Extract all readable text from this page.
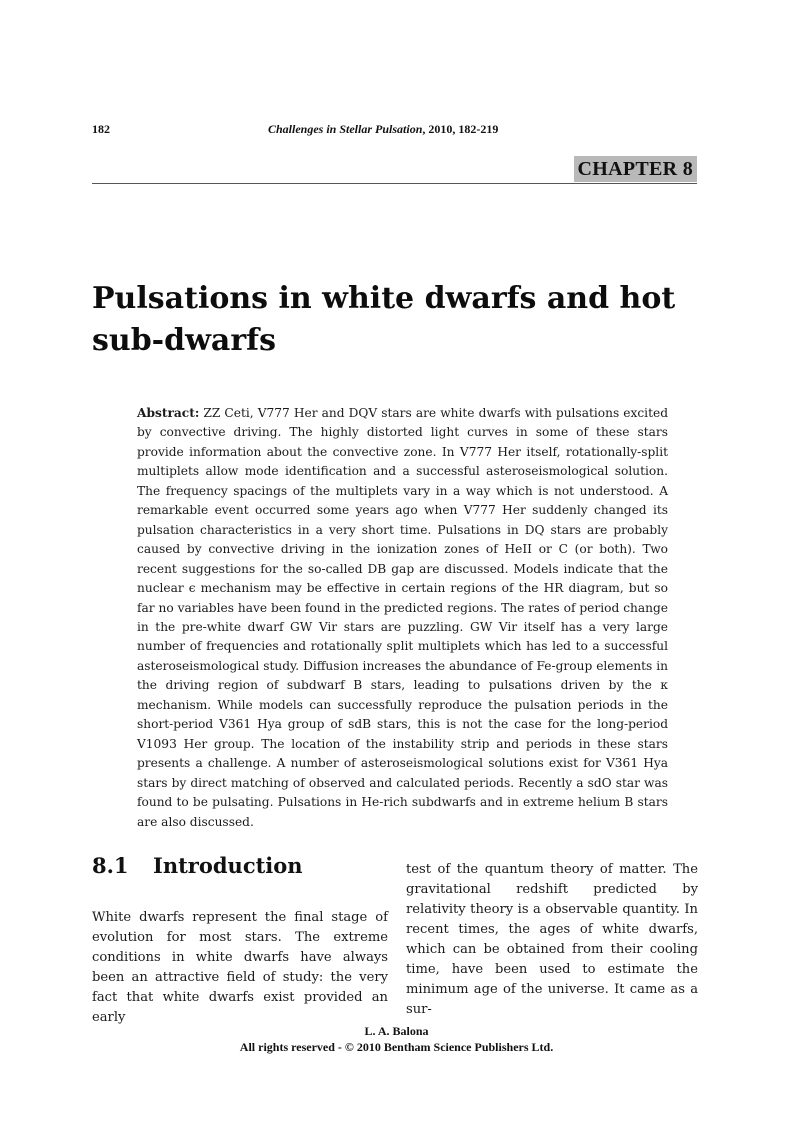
182	Challenges in Stellar Pulsation, 2010, 182-219
CHAPTER 8
Pulsations in white dwarfs and hot sub-dwarfs
Abstract: ZZ Ceti, V777 Her and DQV stars are white dwarfs with pulsations excited by convective driving. The highly distorted light curves in some of these stars provide information about the convective zone. In V777 Her itself, rotationally-split multiplets allow mode identification and a successful asteroseismological solution. The frequency spacings of the multiplets vary in a way which is not understood. A remarkable event occurred some years ago when V777 Her suddenly changed its pulsation characteristics in a very short time. Pulsations in DQ stars are probably caused by convective driving in the ionization zones of HeII or C (or both). Two recent suggestions for the so-called DB gap are discussed. Models indicate that the nuclear ϵ mechanism may be effective in certain regions of the HR diagram, but so far no variables have been found in the predicted regions. The rates of period change in the pre-white dwarf GW Vir stars are puzzling. GW Vir itself has a very large number of frequencies and rotationally split multiplets which has led to a successful asteroseismological study. Diffusion increases the abundance of Fe-group elements in the driving region of subdwarf B stars, leading to pulsations driven by the κ mechanism. While models can successfully reproduce the pulsation periods in the short-period V361 Hya group of sdB stars, this is not the case for the long-period V1093 Her group. The location of the instability strip and periods in these stars presents a challenge. A number of asteroseismological solutions exist for V361 Hya stars by direct matching of observed and calculated periods. Recently a sdO star was found to be pulsating. Pulsations in He-rich subdwarfs and in extreme helium B stars are also discussed.
8.1 Introduction
White dwarfs represent the final stage of evolution for most stars. The extreme conditions in white dwarfs have always been an attractive field of study: the very fact that white dwarfs exist provided an early
test of the quantum theory of matter. The gravitational redshift predicted by relativity theory is a observable quantity. In recent times, the ages of white dwarfs, which can be obtained from their cooling time, have been used to estimate the minimum age of the universe. It came as a sur-
L. A. Balona
All rights reserved - © 2010 Bentham Science Publishers Ltd.
